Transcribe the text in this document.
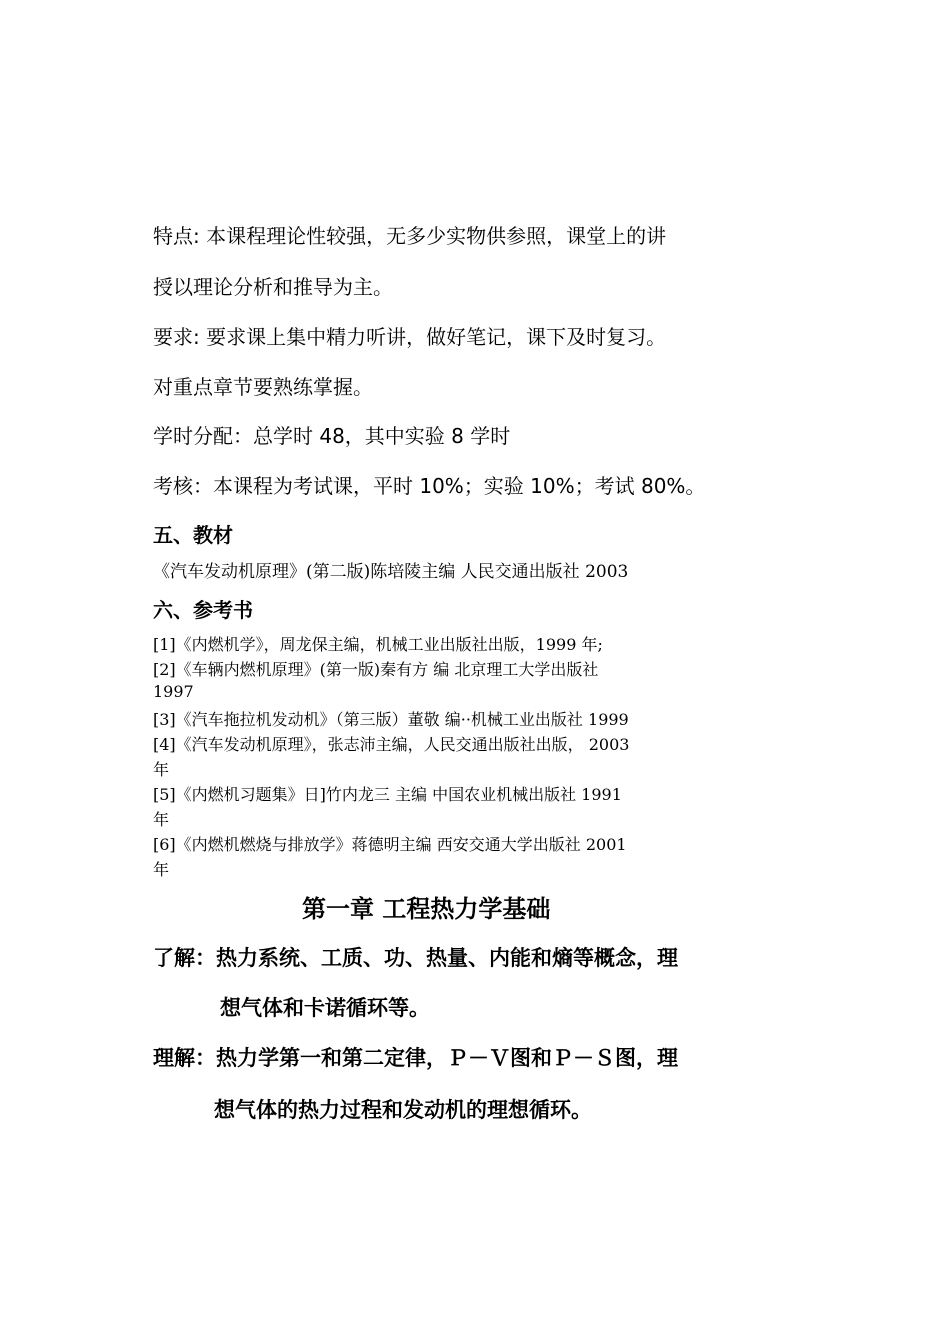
特点: 本课程理论性较强，无多少实物供参照，课堂上的讲
授以理论分析和推导为主。
要求: 要求课上集中精力听讲，做好笔记，课下及时复习。
对重点章节要熟练掌握。
学时分配：总学时 48，其中实验 8 学时
考核：本课程为考试课，平时 10%；实验 10%；考试 80%。
五、教材
《汽车发动机原理》(第二版)陈培陵主编 人民交通出版社 2003
六、参考书
[1]《内燃机学》，周龙保主编，机械工业出版社出版，1999 年;
[2]《车辆内燃机原理》(第一版)秦有方 编 北京理工大学出版社
1997
[3]《汽车拖拉机发动机》（第三版）董敬 编··机械工业出版社 1999
[4]《汽车发动机原理》，张志沛主编，人民交通出版社出版， 2003
年
[5]《内燃机习题集》日]竹内龙三 主编 中国农业机械出版社 1991
年
[6]《内燃机燃烧与排放学》蒋德明主编 西安交通大学出版社 2001
年
第一章 工程热力学基础
了解：热力系统、工质、功、热量、内能和熵等概念，理
想气体和卡诺循环等。
理解：热力学第一和第二定律，Ｐ－Ｖ图和Ｐ－Ｓ图，理
想气体的热力过程和发动机的理想循环。
